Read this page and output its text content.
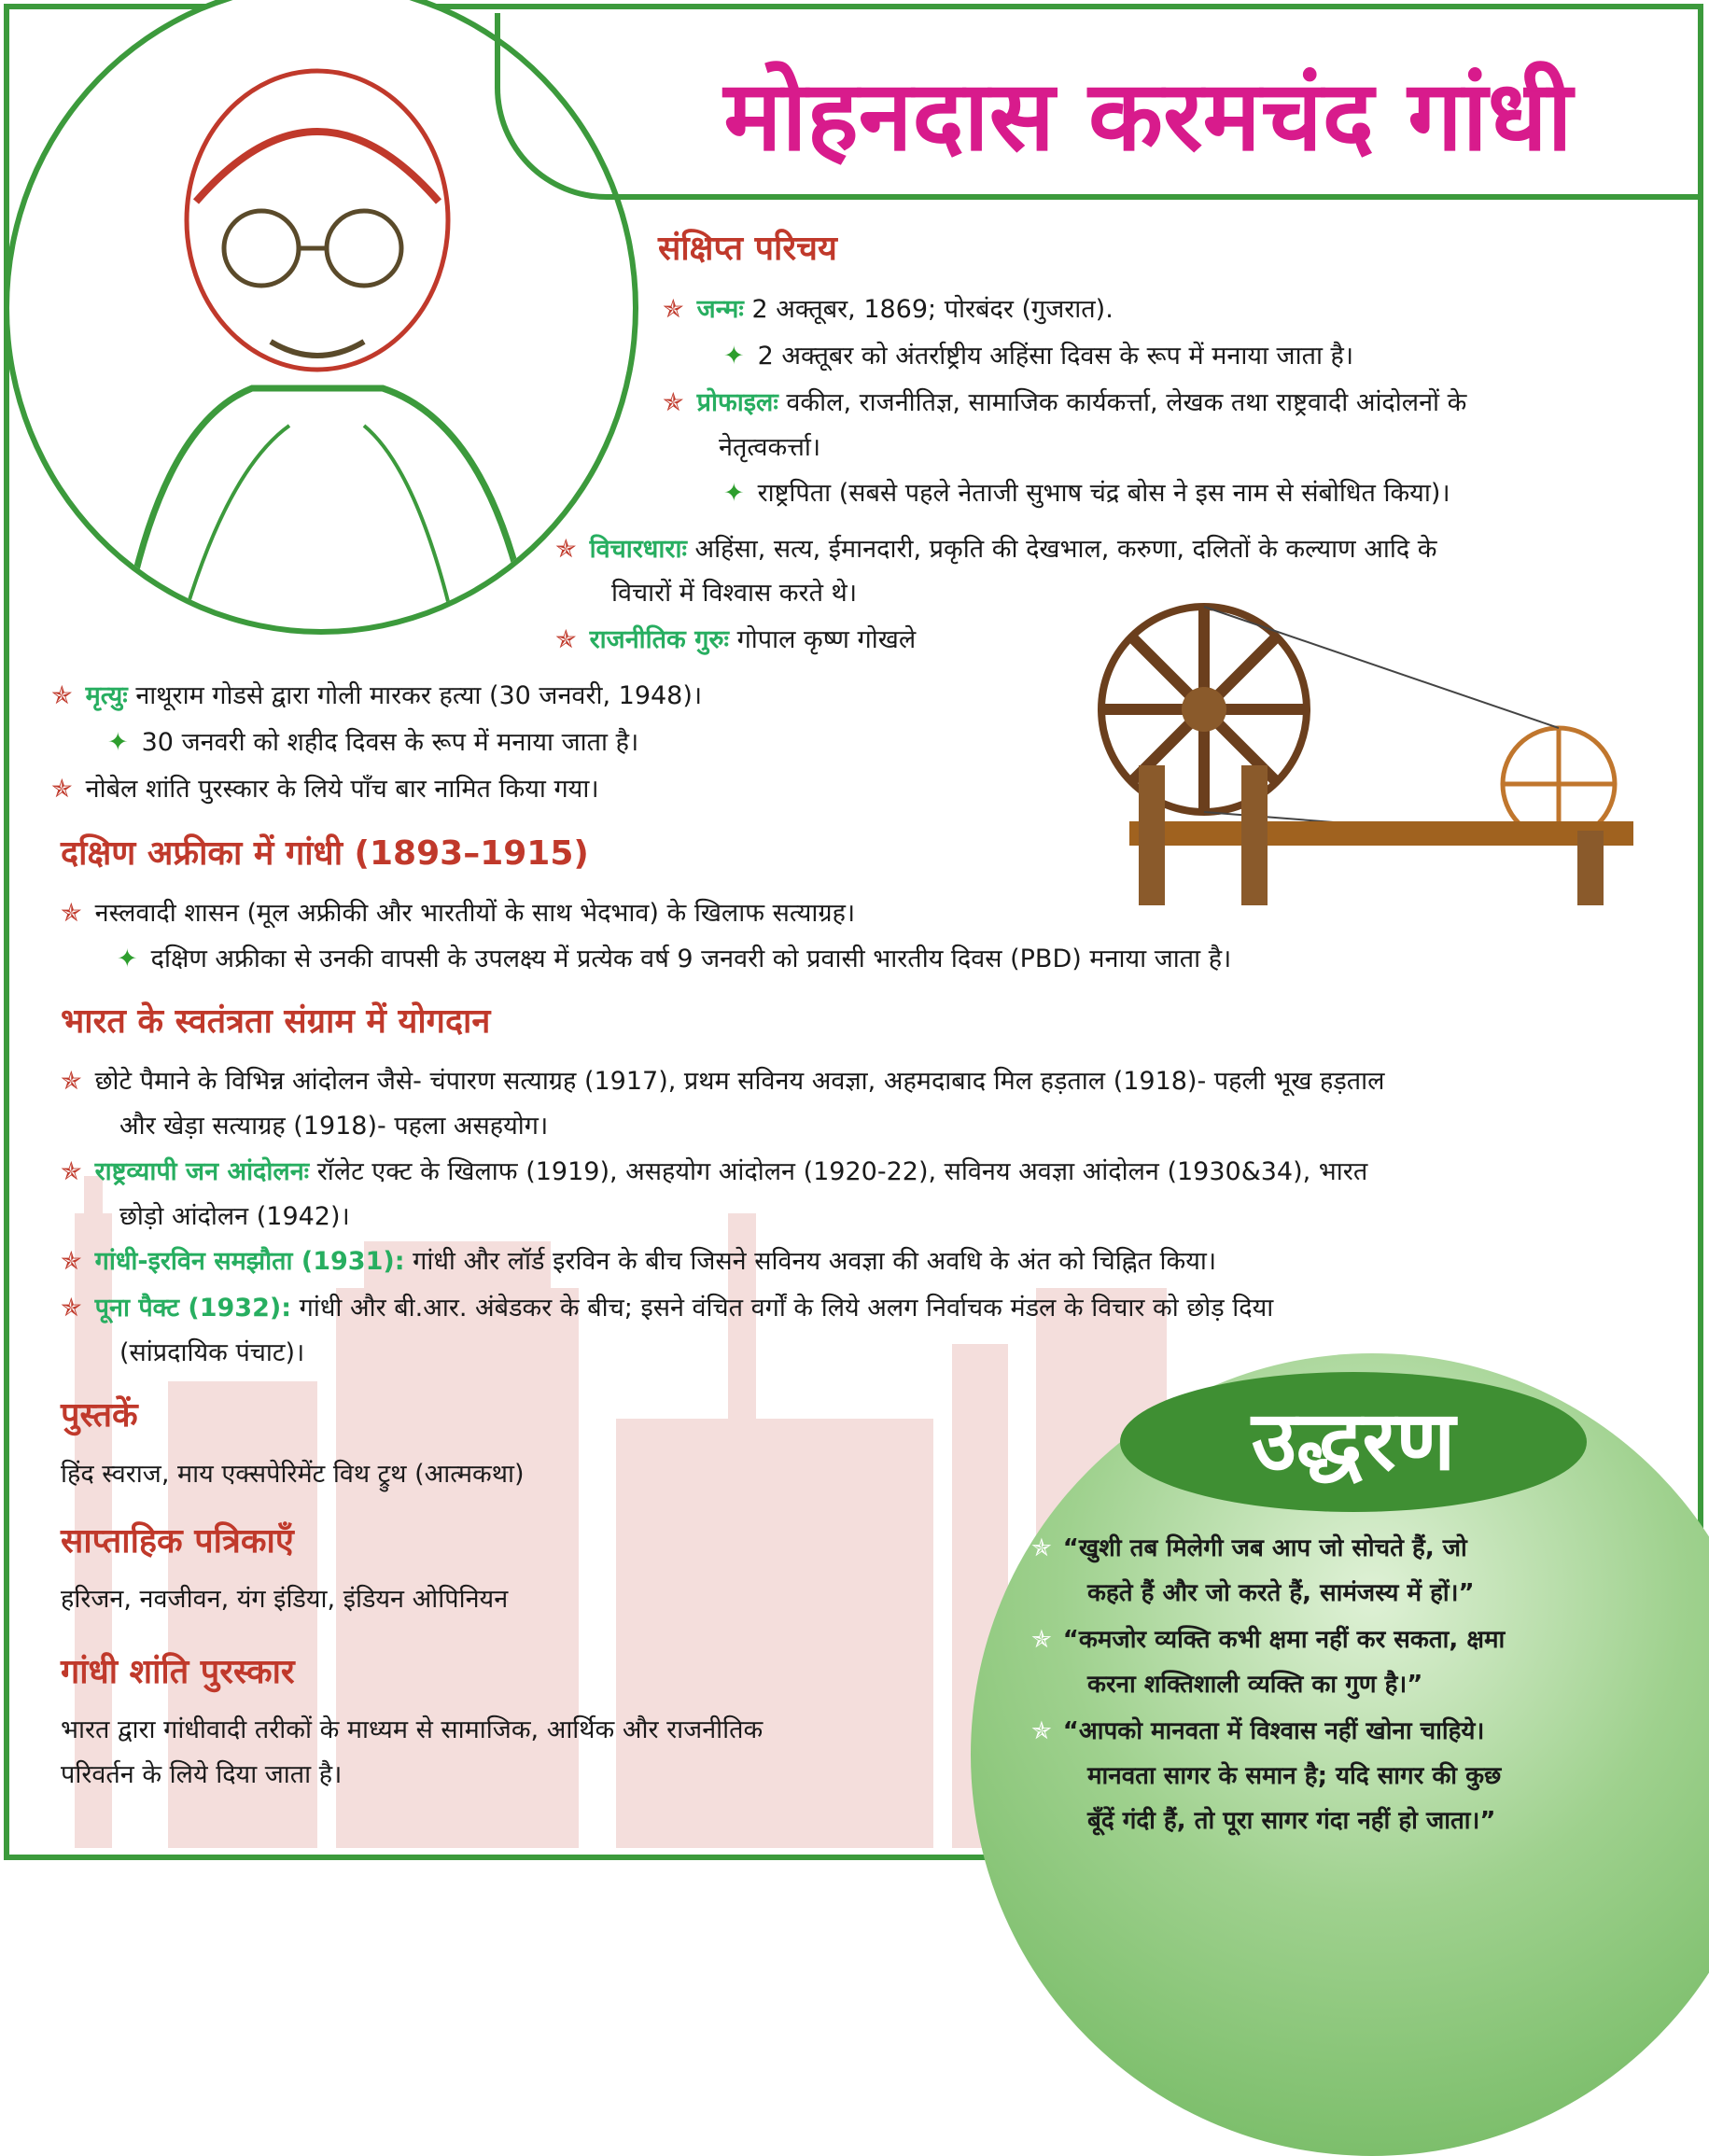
मोहनदास करमचंद गांधी
संक्षिप्त परिचय
✯ जन्मः 2 अक्तूबर, 1869; पोरबंदर (गुजरात).
✦ 2 अक्तूबर को अंतर्राष्ट्रीय अहिंसा दिवस के रूप में मनाया जाता है।
✯ प्रोफाइलः वकील, राजनीतिज्ञ, सामाजिक कार्यकर्त्ता, लेखक तथा राष्ट्रवादी आंदोलनों के
नेतृत्वकर्त्ता।
✦ राष्ट्रपिता (सबसे पहले नेताजी सुभाष चंद्र बोस ने इस नाम से संबोधित किया)।
✯ विचारधाराः अहिंसा, सत्य, ईमानदारी, प्रकृति की देखभाल, करुणा, दलितों के कल्याण आदि के
विचारों में विश्वास करते थे।
✯ राजनीतिक गुरुः गोपाल कृष्ण गोखले
✯ मृत्युः नाथूराम गोडसे द्वारा गोली मारकर हत्या (30 जनवरी, 1948)।
✦ 30 जनवरी को शहीद दिवस के रूप में मनाया जाता है।
✯ नोबेल शांति पुरस्कार के लिये पाँच बार नामित किया गया।
दक्षिण अफ्रीका में गांधी (1893–1915)
✯ नस्लवादी शासन (मूल अफ्रीकी और भारतीयों के साथ भेदभाव) के खिलाफ सत्याग्रह।
✦ दक्षिण अफ्रीका से उनकी वापसी के उपलक्ष्य में प्रत्येक वर्ष 9 जनवरी को प्रवासी भारतीय दिवस (PBD) मनाया जाता है।
भारत के स्वतंत्रता संग्राम में योगदान
✯ छोटे पैमाने के विभिन्न आंदोलन जैसे- चंपारण सत्याग्रह (1917), प्रथम सविनय अवज्ञा, अहमदाबाद मिल हड़ताल (1918)- पहली भूख हड़ताल
और खेड़ा सत्याग्रह (1918)- पहला असहयोग।
✯ राष्ट्रव्यापी जन आंदोलनः रॉलेट एक्ट के खिलाफ (1919), असहयोग आंदोलन (1920-22), सविनय अवज्ञा आंदोलन (1930&34), भारत
छोड़ो आंदोलन (1942)।
✯ गांधी-इरविन समझौता (1931): गांधी और लॉर्ड इरविन के बीच जिसने सविनय अवज्ञा की अवधि के अंत को चिह्नित किया।
✯ पूना पैक्ट (1932): गांधी और बी.आर. अंबेडकर के बीच; इसने वंचित वर्गों के लिये अलग निर्वाचक मंडल के विचार को छोड़ दिया
(सांप्रदायिक पंचाट)।
पुस्तकें
हिंद स्वराज, माय एक्सपेरिमेंट विथ ट्रुथ (आत्मकथा)
साप्ताहिक पत्रिकाएँ
हरिजन, नवजीवन, यंग इंडिया, इंडियन ओपिनियन
गांधी शांति पुरस्कार
भारत द्वारा गांधीवादी तरीकों के माध्यम से सामाजिक, आर्थिक और राजनीतिक
परिवर्तन के लिये दिया जाता है।
उद्धरण
✯ “खुशी तब मिलेगी जब आप जो सोचते हैं, जो
कहते हैं और जो करते हैं, सामंजस्य में हों।”
✯ “कमजोर व्यक्ति कभी क्षमा नहीं कर सकता, क्षमा
करना शक्तिशाली व्यक्ति का गुण है।”
✯ “आपको मानवता में विश्वास नहीं खोना चाहिये।
मानवता सागर के समान है; यदि सागर की कुछ
बूँदें गंदी हैं, तो पूरा सागर गंदा नहीं हो जाता।”
